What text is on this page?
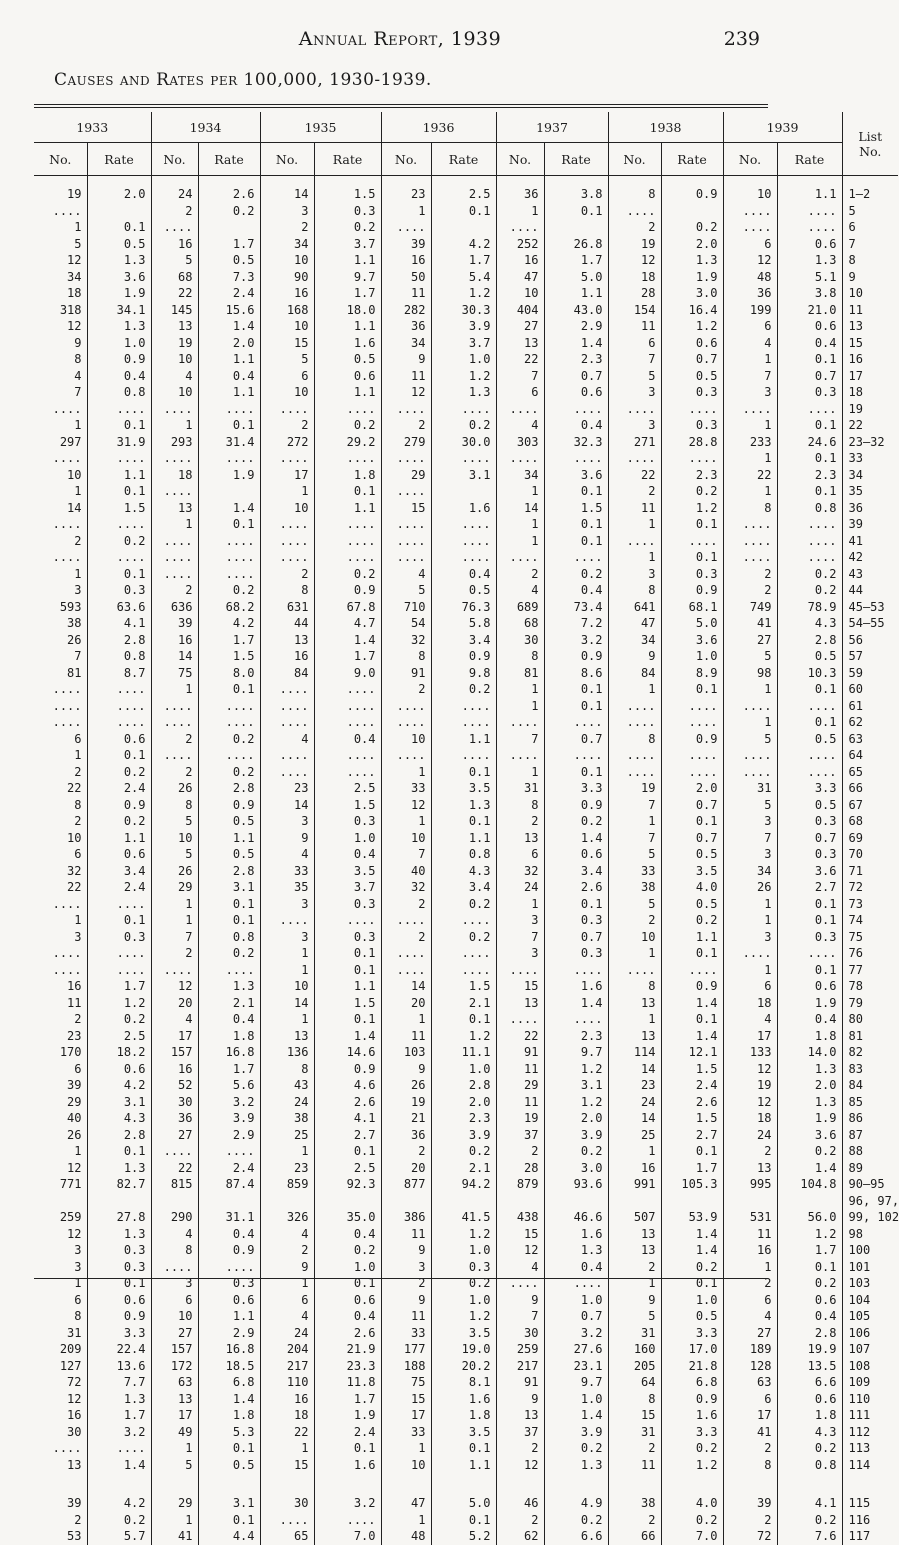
Annual Report, 1939	239
Causes and Rates per 100,000, 1930-1939.
1933		1934		1935		1936		1937		1938		1939		List No.
No.	Rate	No.	Rate	No.	Rate	No.	Rate	No.	Rate	No.	Rate	No.	Rate	

19	2.0	24	2.6	14	1.5	23	2.5	36	3.8	8	0.9	10	1.1	1–2
....		2	0.2	3	0.3	1	0.1	1	0.1	....		....	....	5
1	0.1	....		2	0.2	....		....		2	0.2	....	....	6
5	0.5	16	1.7	34	3.7	39	4.2	252	26.8	19	2.0	6	0.6	7
12	1.3	5	0.5	10	1.1	16	1.7	16	1.7	12	1.3	12	1.3	8
34	3.6	68	7.3	90	9.7	50	5.4	47	5.0	18	1.9	48	5.1	9
18	1.9	22	2.4	16	1.7	11	1.2	10	1.1	28	3.0	36	3.8	10
318	34.1	145	15.6	168	18.0	282	30.3	404	43.0	154	16.4	199	21.0	11
12	1.3	13	1.4	10	1.1	36	3.9	27	2.9	11	1.2	6	0.6	13
9	1.0	19	2.0	15	1.6	34	3.7	13	1.4	6	0.6	4	0.4	15
8	0.9	10	1.1	5	0.5	9	1.0	22	2.3	7	0.7	1	0.1	16
4	0.4	4	0.4	6	0.6	11	1.2	7	0.7	5	0.5	7	0.7	17
7	0.8	10	1.1	10	1.1	12	1.3	6	0.6	3	0.3	3	0.3	18
....	....	....	....	....	....	....	....	....	....	....	....	....	....	19
1	0.1	1	0.1	2	0.2	2	0.2	4	0.4	3	0.3	1	0.1	22
297	31.9	293	31.4	272	29.2	279	30.0	303	32.3	271	28.8	233	24.6	23–32
....	....	....	....	....	....	....	....	....	....	....	....	1	0.1	33
10	1.1	18	1.9	17	1.8	29	3.1	34	3.6	22	2.3	22	2.3	34
1	0.1	....		1	0.1	....		1	0.1	2	0.2	1	0.1	35
14	1.5	13	1.4	10	1.1	15	1.6	14	1.5	11	1.2	8	0.8	36
....	....	1	0.1	....	....	....	....	1	0.1	1	0.1	....	....	39
2	0.2	....	....	....	....	....	....	1	0.1	....	....	....	....	41
....	....	....	....	....	....	....	....	....	....	1	0.1	....	....	42
1	0.1	....	....	2	0.2	4	0.4	2	0.2	3	0.3	2	0.2	43
3	0.3	2	0.2	8	0.9	5	0.5	4	0.4	8	0.9	2	0.2	44
593	63.6	636	68.2	631	67.8	710	76.3	689	73.4	641	68.1	749	78.9	45–53
38	4.1	39	4.2	44	4.7	54	5.8	68	7.2	47	5.0	41	4.3	54–55
26	2.8	16	1.7	13	1.4	32	3.4	30	3.2	34	3.6	27	2.8	56
7	0.8	14	1.5	16	1.7	8	0.9	8	0.9	9	1.0	5	0.5	57
81	8.7	75	8.0	84	9.0	91	9.8	81	8.6	84	8.9	98	10.3	59
....	....	1	0.1	....	....	2	0.2	1	0.1	1	0.1	1	0.1	60
....	....	....	....	....	....	....	....	1	0.1	....	....	....	....	61
....	....	....	....	....	....	....	....	....	....	....	....	1	0.1	62
6	0.6	2	0.2	4	0.4	10	1.1	7	0.7	8	0.9	5	0.5	63
1	0.1	....	....	....	....	....	....	....	....	....	....	....	....	64
2	0.2	2	0.2	....	....	1	0.1	1	0.1	....	....	....	....	65
22	2.4	26	2.8	23	2.5	33	3.5	31	3.3	19	2.0	31	3.3	66
8	0.9	8	0.9	14	1.5	12	1.3	8	0.9	7	0.7	5	0.5	67
2	0.2	5	0.5	3	0.3	1	0.1	2	0.2	1	0.1	3	0.3	68
10	1.1	10	1.1	9	1.0	10	1.1	13	1.4	7	0.7	7	0.7	69
6	0.6	5	0.5	4	0.4	7	0.8	6	0.6	5	0.5	3	0.3	70
32	3.4	26	2.8	33	3.5	40	4.3	32	3.4	33	3.5	34	3.6	71
22	2.4	29	3.1	35	3.7	32	3.4	24	2.6	38	4.0	26	2.7	72
....	....	1	0.1	3	0.3	2	0.2	1	0.1	5	0.5	1	0.1	73
1	0.1	1	0.1	....	....	....	....	3	0.3	2	0.2	1	0.1	74
3	0.3	7	0.8	3	0.3	2	0.2	7	0.7	10	1.1	3	0.3	75
....	....	2	0.2	1	0.1	....	....	3	0.3	1	0.1	....	....	76
....	....	....	....	1	0.1	....	....	....	....	....	....	1	0.1	77
16	1.7	12	1.3	10	1.1	14	1.5	15	1.6	8	0.9	6	0.6	78
11	1.2	20	2.1	14	1.5	20	2.1	13	1.4	13	1.4	18	1.9	79
2	0.2	4	0.4	1	0.1	1	0.1	....	....	1	0.1	4	0.4	80
23	2.5	17	1.8	13	1.4	11	1.2	22	2.3	13	1.4	17	1.8	81
170	18.2	157	16.8	136	14.6	103	11.1	91	9.7	114	12.1	133	14.0	82
6	0.6	16	1.7	8	0.9	9	1.0	11	1.2	14	1.5	12	1.3	83
39	4.2	52	5.6	43	4.6	26	2.8	29	3.1	23	2.4	19	2.0	84
29	3.1	30	3.2	24	2.6	19	2.0	11	1.2	24	2.6	12	1.3	85
40	4.3	36	3.9	38	4.1	21	2.3	19	2.0	14	1.5	18	1.9	86
26	2.8	27	2.9	25	2.7	36	3.9	37	3.9	25	2.7	24	3.6	87
1	0.1	....	....	1	0.1	2	0.2	2	0.2	1	0.1	2	0.2	88
12	1.3	22	2.4	23	2.5	20	2.1	28	3.0	16	1.7	13	1.4	89
771	82.7	815	87.4	859	92.3	877	94.2	879	93.6	991	105.3	995	104.8	90–95
														96, 97,
259	27.8	290	31.1	326	35.0	386	41.5	438	46.6	507	53.9	531	56.0	99, 102
12	1.3	4	0.4	4	0.4	11	1.2	15	1.6	13	1.4	11	1.2	98
3	0.3	8	0.9	2	0.2	9	1.0	12	1.3	13	1.4	16	1.7	100
3	0.3	....	....	9	1.0	3	0.3	4	0.4	2	0.2	1	0.1	101
1	0.1	3	0.3	1	0.1	2	0.2	....	....	1	0.1	2	0.2	103
6	0.6	6	0.6	6	0.6	9	1.0	9	1.0	9	1.0	6	0.6	104
8	0.9	10	1.1	4	0.4	11	1.2	7	0.7	5	0.5	4	0.4	105
31	3.3	27	2.9	24	2.6	33	3.5	30	3.2	31	3.3	27	2.8	106
209	22.4	157	16.8	204	21.9	177	19.0	259	27.6	160	17.0	189	19.9	107
127	13.6	172	18.5	217	23.3	188	20.2	217	23.1	205	21.8	128	13.5	108
72	7.7	63	6.8	110	11.8	75	8.1	91	9.7	64	6.8	63	6.6	109
12	1.3	13	1.4	16	1.7	15	1.6	9	1.0	8	0.9	6	0.6	110
16	1.7	17	1.8	18	1.9	17	1.8	13	1.4	15	1.6	17	1.8	111
30	3.2	49	5.3	22	2.4	33	3.5	37	3.9	31	3.3	41	4.3	112
....	....	1	0.1	1	0.1	1	0.1	2	0.2	2	0.2	2	0.2	113
13	1.4	5	0.5	15	1.6	10	1.1	12	1.3	11	1.2	8	0.8	114

39	4.2	29	3.1	30	3.2	47	5.0	46	4.9	38	4.0	39	4.1	115
2	0.2	1	0.1	....	....	1	0.1	2	0.2	2	0.2	2	0.2	116
53	5.7	41	4.4	65	7.0	48	5.2	62	6.6	66	7.0	72	7.6	117
